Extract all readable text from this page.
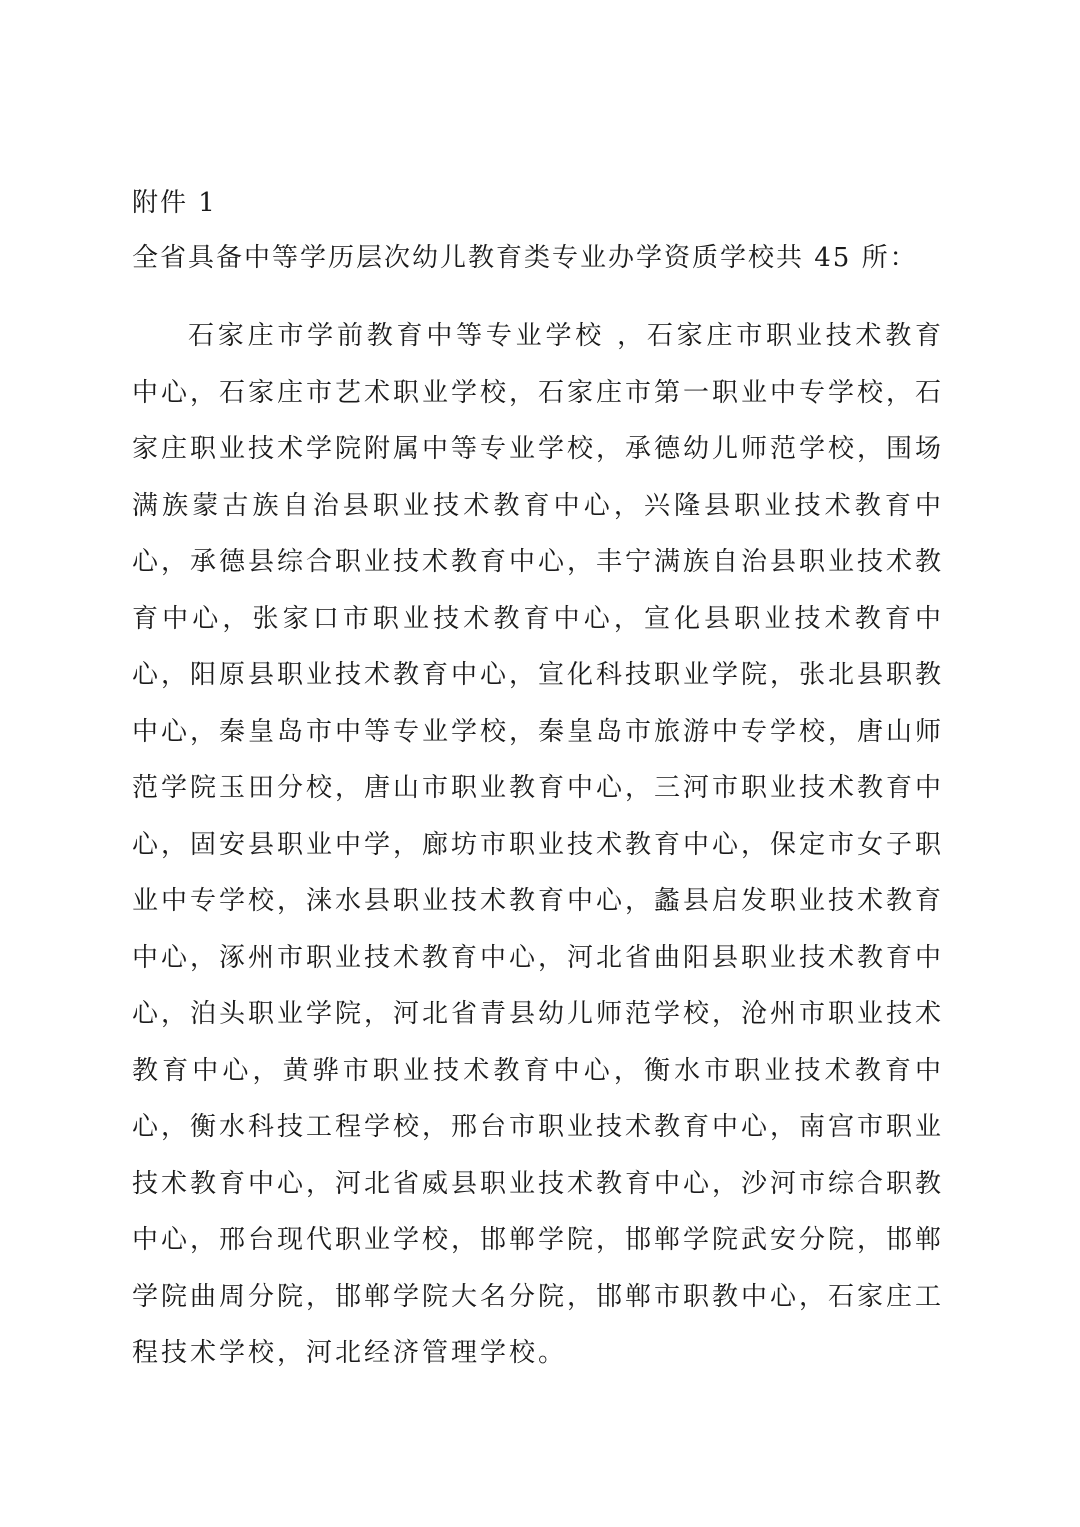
附件 1
全省具备中等学历层次幼儿教育类专业办学资质学校共 45 所：

石家庄市学前教育中等专业学校 ，石家庄市职业技术教育中心，石家庄市艺术职业学校，石家庄市第一职业中专学校，石家庄职业技术学院附属中等专业学校，承德幼儿师范学校，围场满族蒙古族自治县职业技术教育中心，兴隆县职业技术教育中心，承德县综合职业技术教育中心，丰宁满族自治县职业技术教育中心，张家口市职业技术教育中心，宣化县职业技术教育中心，阳原县职业技术教育中心，宣化科技职业学院，张北县职教中心，秦皇岛市中等专业学校，秦皇岛市旅游中专学校，唐山师范学院玉田分校，唐山市职业教育中心，三河市职业技术教育中心，固安县职业中学，廊坊市职业技术教育中心，保定市女子职业中专学校，涞水县职业技术教育中心，蠡县启发职业技术教育中心，涿州市职业技术教育中心，河北省曲阳县职业技术教育中心，泊头职业学院，河北省青县幼儿师范学校，沧州市职业技术教育中心，黄骅市职业技术教育中心，衡水市职业技术教育中心，衡水科技工程学校，邢台市职业技术教育中心，南宫市职业技术教育中心，河北省威县职业技术教育中心，沙河市综合职教中心，邢台现代职业学校，邯郸学院，邯郸学院武安分院，邯郸学院曲周分院，邯郸学院大名分院，邯郸市职教中心，石家庄工程技术学校，河北经济管理学校。
